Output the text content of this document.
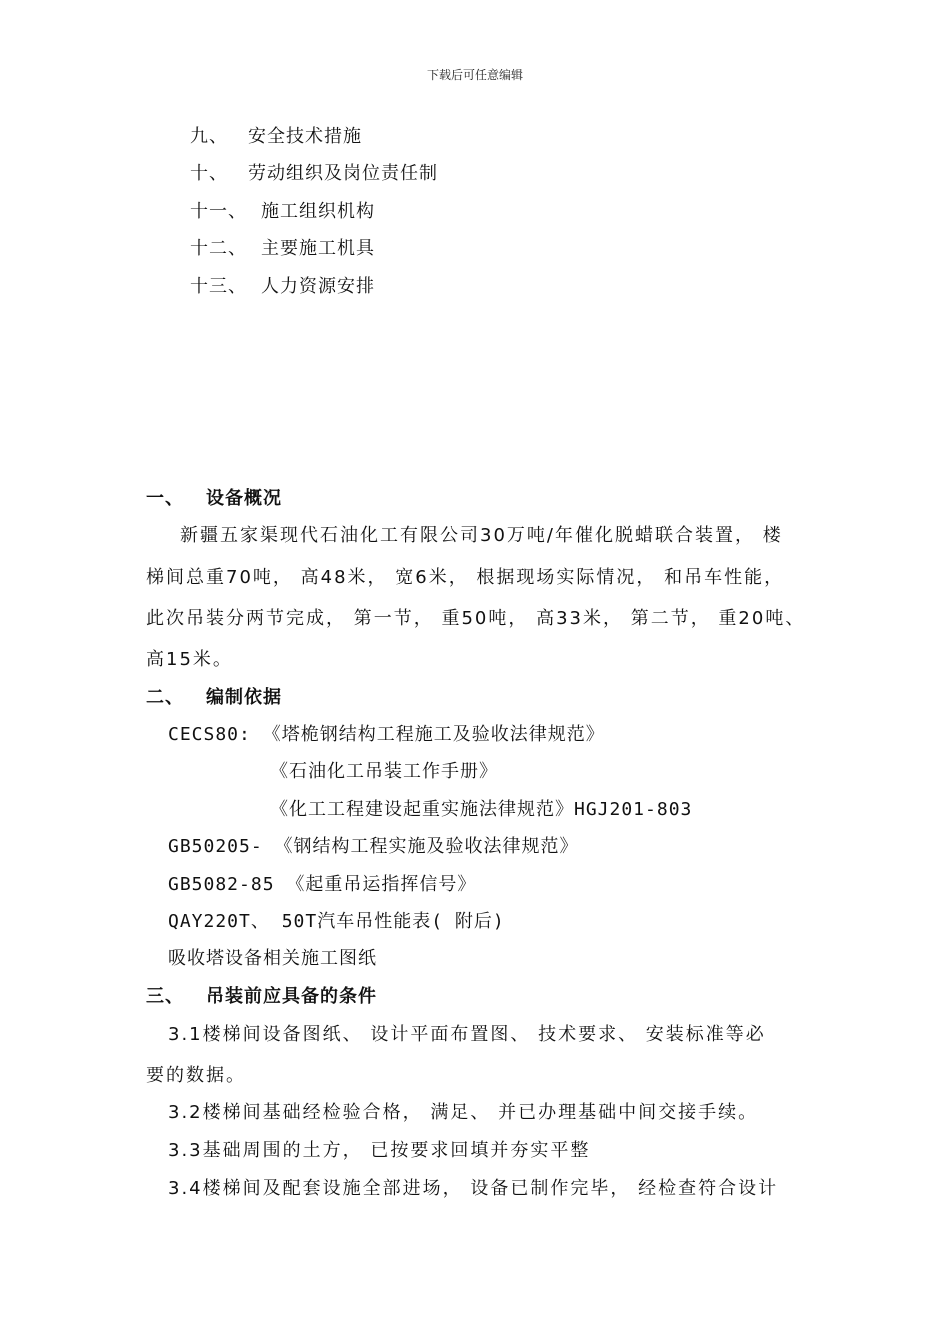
下载后可任意编辑
九、 安全技术措施
十、 劳动组织及岗位责任制
十一、 施工组织机构
十二、 主要施工机具
十三、 人力资源安排
一、 设备概况
新疆五家渠现代石油化工有限公司30万吨/年催化脱蜡联合装置， 楼
梯间总重70吨， 高48米， 宽6米， 根据现场实际情况， 和吊车性能，
此次吊装分两节完成， 第一节， 重50吨， 高33米， 第二节， 重20吨、
高15米。
二、 编制依据
CECS80: 《塔桅钢结构工程施工及验收法律规范》
《石油化工吊装工作手册》
《化工工程建设起重实施法律规范》HGJ201-803
GB50205- 《钢结构工程实施及验收法律规范》
GB5082-85 《起重吊运指挥信号》
QAY220T、 50T汽车吊性能表( 附后)
吸收塔设备相关施工图纸
三、 吊装前应具备的条件
3.1楼梯间设备图纸、 设计平面布置图、 技术要求、 安装标准等必
要的数据。
3.2楼梯间基础经检验合格， 满足、 并已办理基础中间交接手续。
3.3基础周围的土方， 已按要求回填并夯实平整
3.4楼梯间及配套设施全部进场， 设备已制作完毕， 经检查符合设计
